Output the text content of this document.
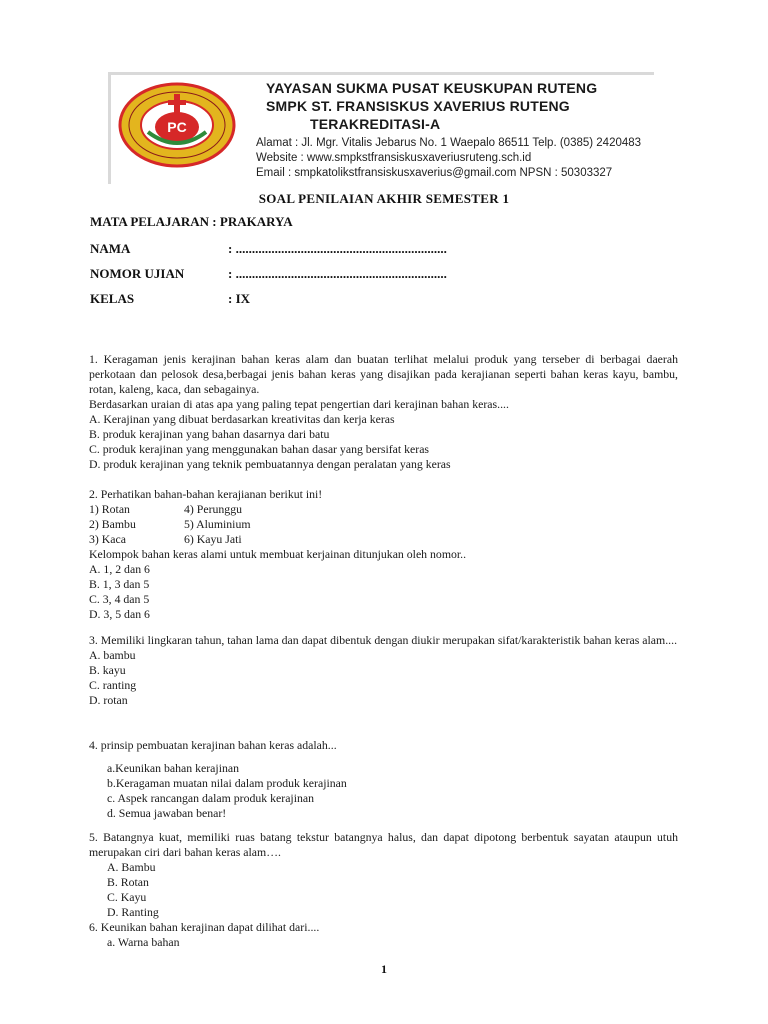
PC
YAYASAN SUKMA PUSAT KEUSKUPAN RUTENG
SMPK ST. FRANSISKUS XAVERIUS RUTENG
TERAKREDITASI-A
Alamat : Jl. Mgr. Vitalis Jebarus No. 1 Waepalo 86511 Telp. (0385) 2420483
Website : www.smpkstfransiskusxaveriusruteng.sch.id
Email : smpkatolikstfransiskusxaverius@gmail.com NPSN : 50303327
SOAL PENILAIAN AKHIR SEMESTER 1
MATA PELAJARAN : PRAKARYA
NAMA	: .................................................................
NOMOR UJIAN	: .................................................................
KELAS	: IX
1. Keragaman jenis kerajinan bahan keras alam dan buatan terlihat melalui produk yang terseber di berbagai daerah perkotaan dan pelosok desa,berbagai jenis bahan keras yang disajikan pada kerajianan seperti bahan keras kayu, bambu, rotan, kaleng, kaca, dan sebagainya.
Berdasarkan uraian di atas apa yang paling tepat pengertian dari kerajinan bahan keras....
A. Kerajinan yang dibuat berdasarkan kreativitas dan kerja keras
B. produk kerajinan yang bahan dasarnya dari batu
C. produk kerajinan yang menggunakan bahan dasar yang bersifat keras
D. produk kerajinan yang teknik pembuatannya dengan peralatan yang keras
2. Perhatikan bahan-bahan kerajianan berikut ini!
1) Rotan	4) Perunggu
2) Bambu	5) Aluminium
3) Kaca	6) Kayu Jati
Kelompok bahan keras alami untuk membuat kerjainan ditunjukan oleh nomor..
A. 1, 2 dan 6
B. 1, 3 dan 5
C. 3, 4 dan 5
D. 3, 5 dan 6
3. Memiliki lingkaran tahun, tahan lama dan dapat dibentuk dengan diukir merupakan sifat/karakteristik bahan keras alam....
A. bambu
B. kayu
C. ranting
D. rotan
4. prinsip pembuatan kerajinan bahan keras adalah...
a.Keunikan bahan kerajinan
b.Keragaman muatan nilai dalam produk kerajinan
c. Aspek rancangan dalam produk kerajinan
d. Semua jawaban benar!
5. Batangnya kuat, memiliki ruas batang tekstur batangnya halus, dan dapat dipotong berbentuk sayatan ataupun utuh merupakan ciri dari bahan keras alam….
A. Bambu
B. Rotan
C. Kayu
D. Ranting
6. Keunikan bahan kerajinan dapat dilihat dari....
a. Warna bahan
1
